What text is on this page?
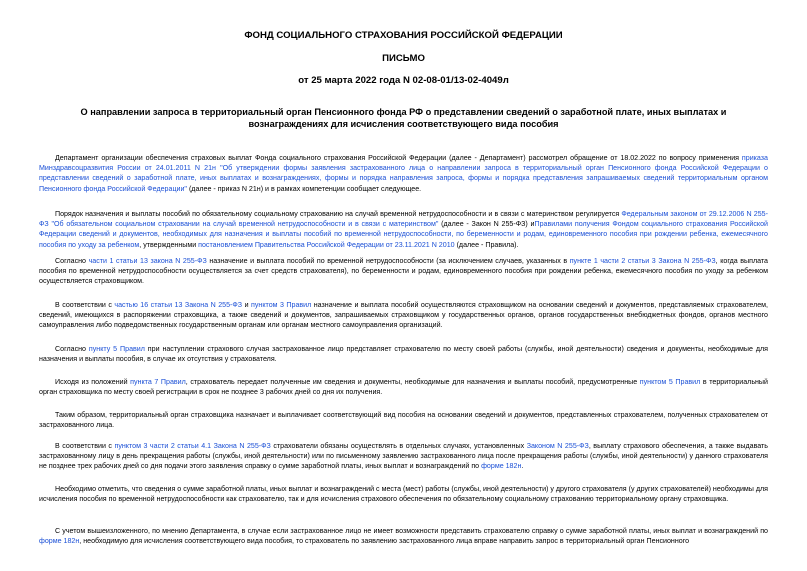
ФОНД СОЦИАЛЬНОГО СТРАХОВАНИЯ РОССИЙСКОЙ ФЕДЕРАЦИИ
ПИСЬМО
от 25 марта 2022 года N 02-08-01/13-02-4049л
О направлении запроса в территориальный орган Пенсионного фонда РФ о представлении сведений о заработной плате, иных выплатах и вознаграждениях для исчисления соответствующего вида пособия

Департамент организации обеспечения страховых выплат Фонда социального страхования Российской Федерации (далее - Департамент) рассмотрел обращение от 18.02.2022 по вопросу применения приказа Минздравсоцразвития России от 24.01.2011 N 21н "Об утверждении формы заявления застрахованного лица о направлении запроса в территориальный орган Пенсионного фонда Российской Федерации о представлении сведений о заработной плате, иных выплатах и вознаграждениях, формы и порядка направления запроса, формы и порядка представления запрашиваемых сведений территориальным органом Пенсионного фонда Российской Федерации" (далее - приказ N 21н) и в рамках компетенции сообщает следующее.

Порядок назначения и выплаты пособий по обязательному социальному страхованию на случай временной нетрудоспособности и в связи с материнством регулируется Федеральным законом от 29.12.2006 N 255-ФЗ "Об обязательном социальном страховании на случай временной нетрудоспособности и в связи с материнством" (далее - Закон N 255-ФЗ) иПравилами получения Фондом социального страхования Российской Федерации сведений и документов, необходимых для назначения и выплаты пособий по временной нетрудоспособности, по беременности и родам, единовременного пособия при рождении ребенка, ежемесячного пособия по уходу за ребенком, утвержденными постановлением Правительства Российской Федерации от 23.11.2021 N 2010 (далее - Правила).

Согласно части 1 статьи 13 закона N 255-ФЗ назначение и выплата пособий по временной нетрудоспособности (за исключением случаев, указанных в пункте 1 части 2 статьи 3 Закона N 255-ФЗ, когда выплата пособия по временной нетрудоспособности осуществляется за счет средств страхователя), по беременности и родам, единовременного пособия при рождении ребенка, ежемесячного пособия по уходу за ребенком осуществляется страховщиком.

В соответствии с частью 16 статьи 13 Закона N 255-ФЗ и пунктом 3 Правил назначение и выплата пособий осуществляются страховщиком на основании сведений и документов, представляемых страхователем, сведений, имеющихся в распоряжении страховщика, а также сведений и документов, запрашиваемых страховщиком у государственных органов, органов государственных внебюджетных фондов, органов местного самоуправления либо подведомственных государственным органам или органам местного самоуправления организаций.

Согласно пункту 5 Правил при наступлении страхового случая застрахованное лицо представляет страхователю по месту своей работы (службы, иной деятельности) сведения и документы, необходимые для назначения и выплаты пособия, в случае их отсутствия у страхователя.

Исходя из положений пункта 7 Правил, страхователь передает полученные им сведения и документы, необходимые для назначения и выплаты пособий, предусмотренные пунктом 5 Правил в территориальный орган страховщика по месту своей регистрации в срок не позднее 3 рабочих дней со дня их получения.

Таким образом, территориальный орган страховщика назначает и выплачивает соответствующий вид пособия на основании сведений и документов, представленных страхователем, полученных страхователем от застрахованного лица.

В соответствии с пунктом 3 части 2 статьи 4.1 Закона N 255-ФЗ страхователи обязаны осуществлять в отдельных случаях, установленных Законом N 255-ФЗ, выплату страхового обеспечения, а также выдавать застрахованному лицу в день прекращения работы (службы, иной деятельности) или по письменному заявлению застрахованного лица после прекращения работы (службы, иной деятельности) у данного страхователя не позднее трех рабочих дней со дня подачи этого заявления справку о сумме заработной платы, иных выплат и вознаграждений по форме 182н.

Необходимо отметить, что сведения о сумме заработной платы, иных выплат и вознаграждений с места (мест) работы (службы, иной деятельности) у другого страхователя (у других страхователей) необходимы для исчисления пособия по временной нетрудоспособности как страхователю, так и для исчисления страхового обеспечения по обязательному социальному страхованию территориальному органу страховщика.

С учетом вышеизложенного, по мнению Департамента, в случае если застрахованное лицо не имеет возможности представить страхователю справку о сумме заработной платы, иных выплат и вознаграждений по форме 182н, необходимую для исчисления соответствующего вида пособия, то страхователь по заявлению застрахованного лица вправе направить запрос в территориальный орган Пенсионного
